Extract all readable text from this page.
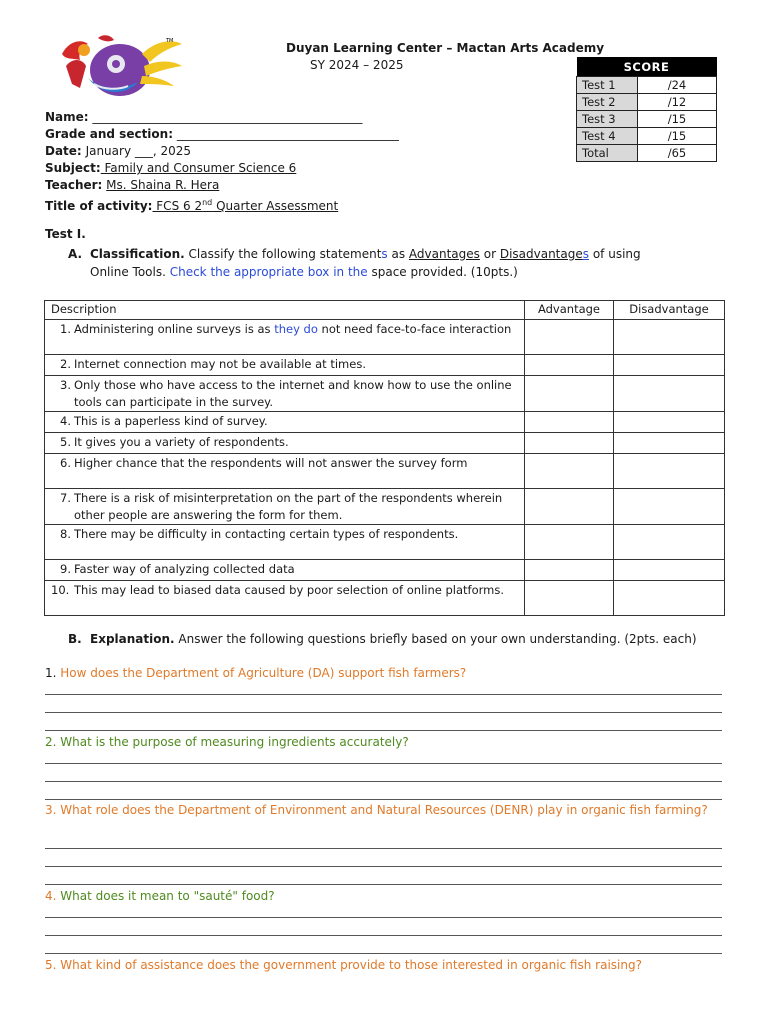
TM	Duyan Learning Center – Mactan Arts Academy
SY 2024 – 2025	SCORE	
Test 1	/24
Test 2	/12
Test 3	/15
Test 4	/15
Total	/65
Name: _____________________________________________
Grade and section: _____________________________________
Date: January ___, 2025
Subject: Family and Consumer Science 6
Teacher: Ms. Shaina R. Hera
Title of activity: FCS 6 2nd Quarter Assessment
Test I.
A. Classification. Classify the following statements as Advantages or Disadvantages of using
Online Tools. Check the appropriate box in the space provided. (10pts.)
Description	Advantage	Disadvantage

1. Administering online surveys is as they do not need face-to-face interaction		

2. Internet connection may not be available at times.		

3. Only those who have access to the internet and know how to use the online tools can participate in the survey.		

4. This is a paperless kind of survey.		

5. It gives you a variety of respondents.		

6. Higher chance that the respondents will not answer the survey form		

7. There is a risk of misinterpretation on the part of the respondents wherein other people are answering the form for them.		

8. There may be difficulty in contacting certain types of respondents.		

9. Faster way of analyzing collected data		

10. This may lead to biased data caused by poor selection of online platforms.		
B. Explanation. Answer the following questions briefly based on your own understanding. (2pts. each)
1. How does the Department of Agriculture (DA) support fish farmers?
2. What is the purpose of measuring ingredients accurately?
3. What role does the Department of Environment and Natural Resources (DENR) play in organic fish farming?
4. What does it mean to "sauté" food?
5. What kind of assistance does the government provide to those interested in organic fish raising?
